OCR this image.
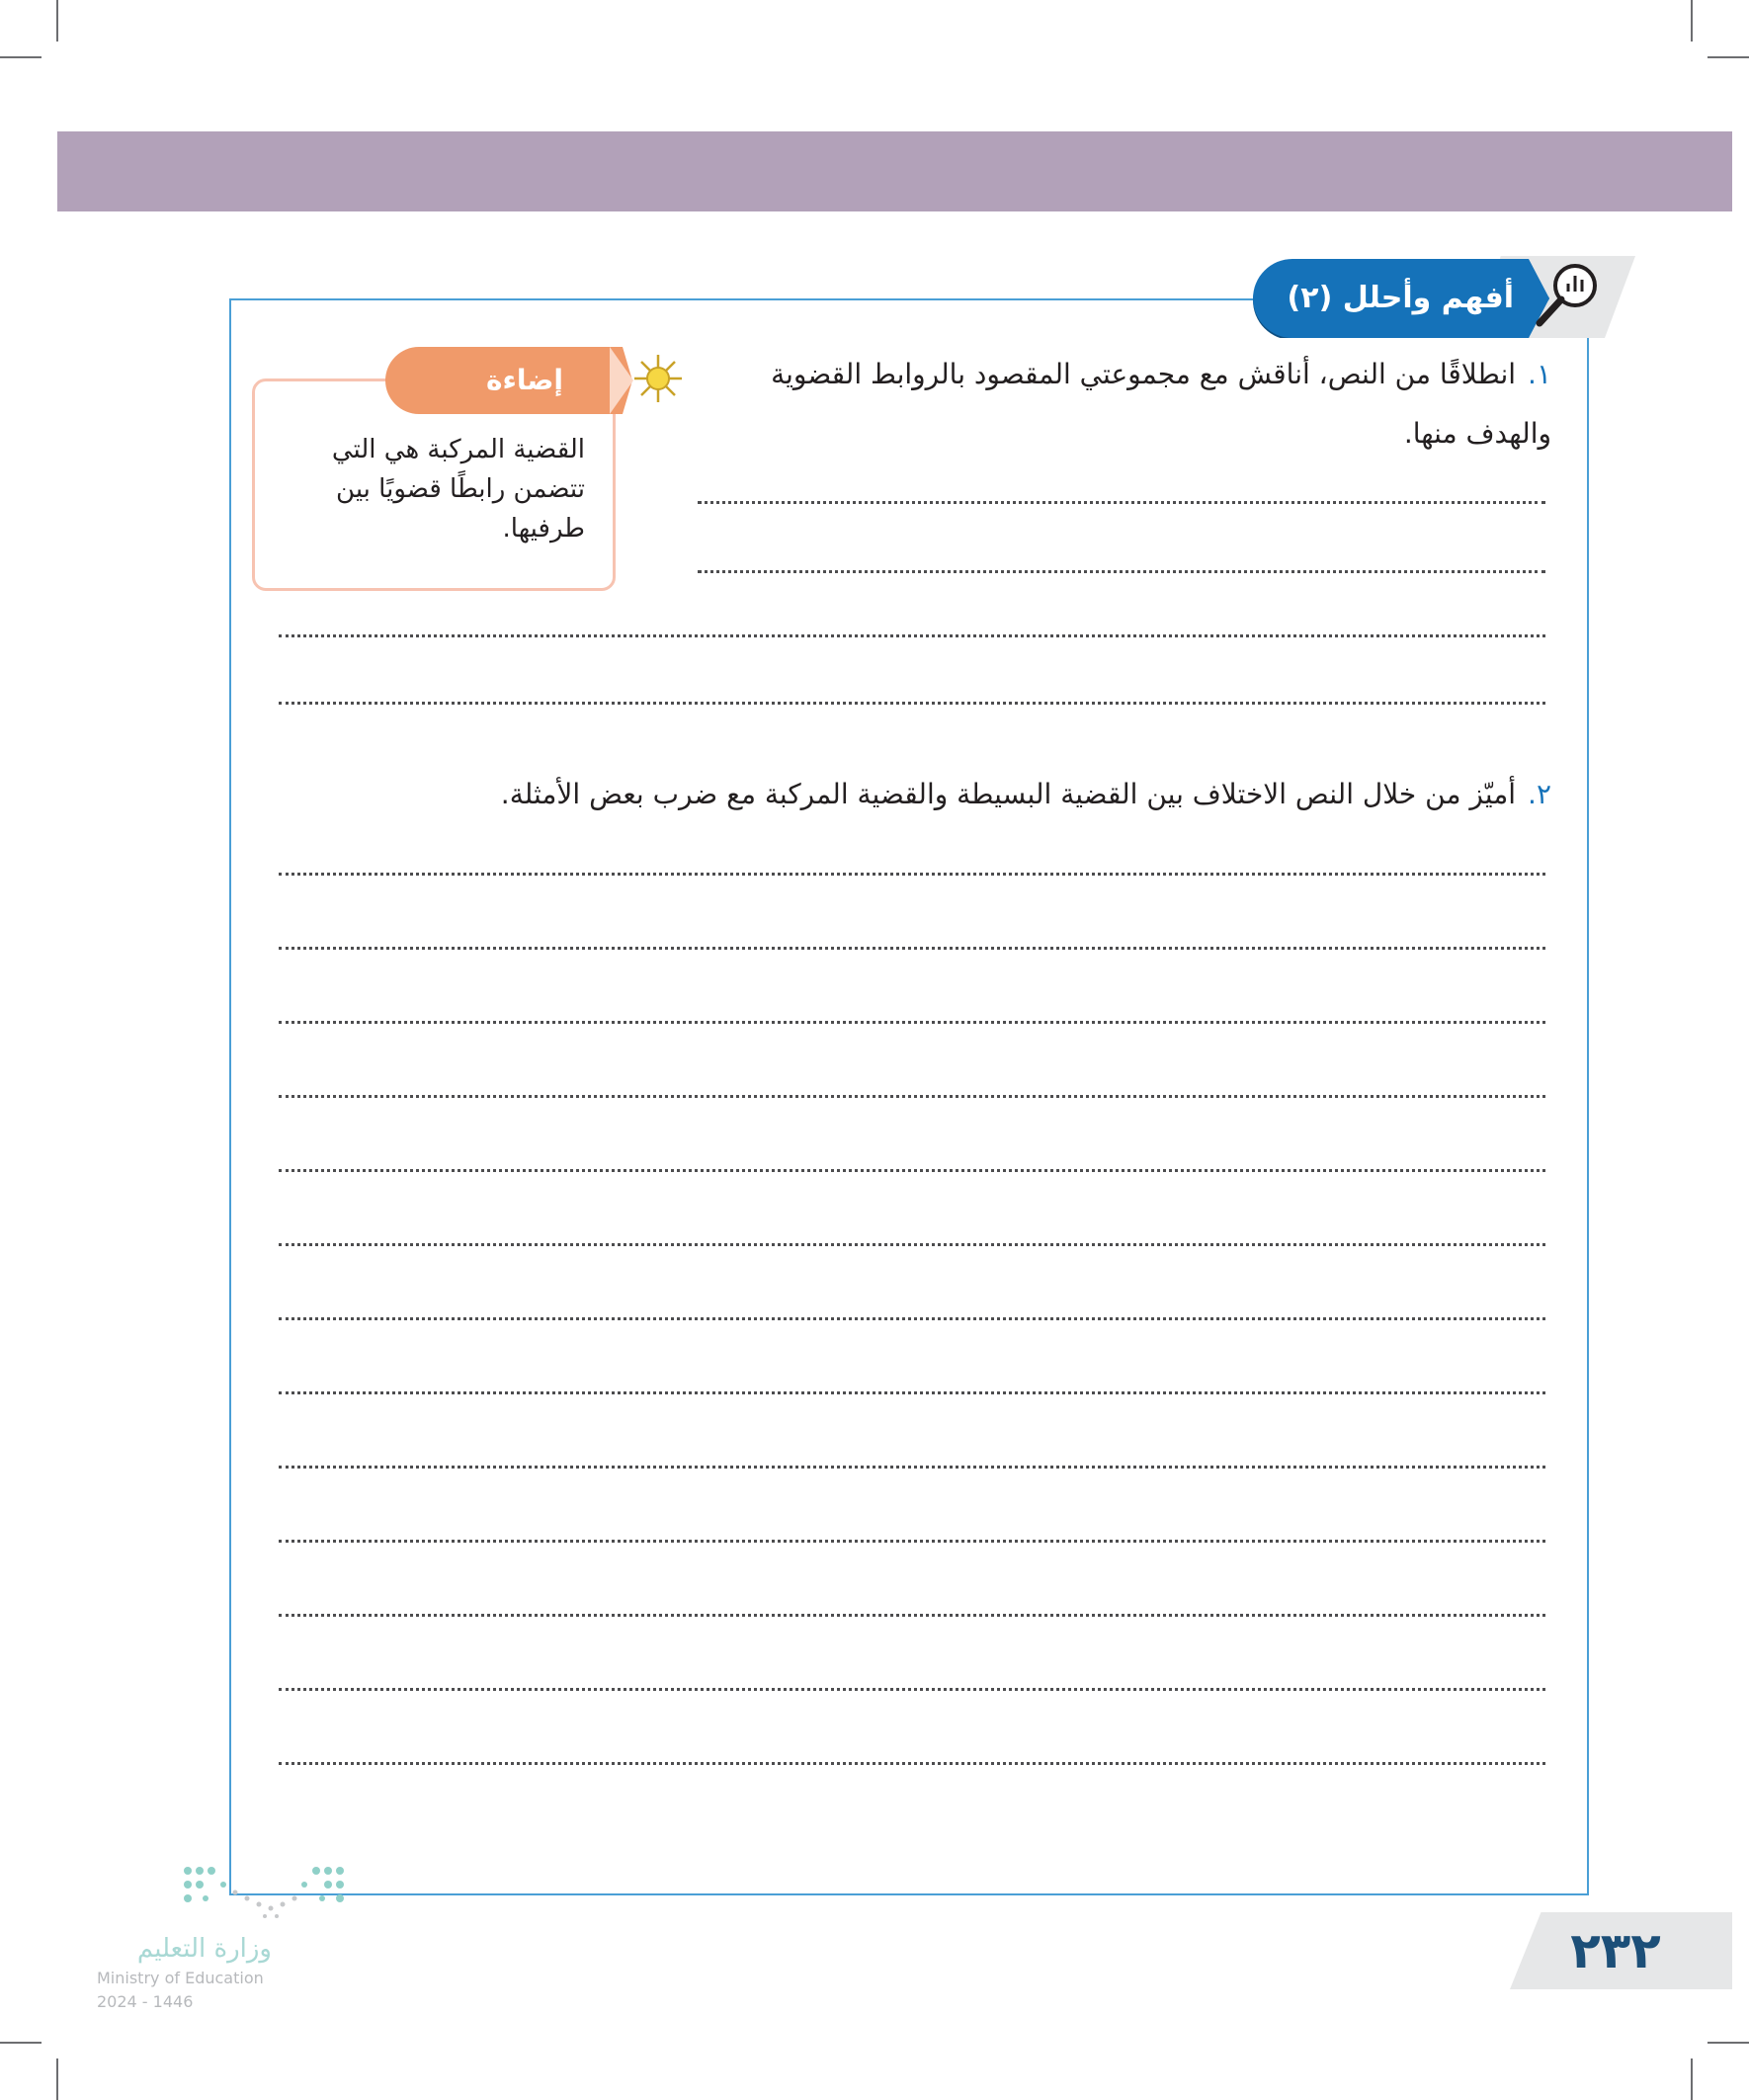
أفهم وأحلل (٢)
١.انطلاقًا من النص، أناقش مع مجموعتي المقصود بالروابط القضوية
والهدف منها.
إضاءة
القضية المركبة هي التي تتضمن رابطًا قضويًا بين طرفيها.
٢.أميّز من خلال النص الاختلاف بين القضية البسيطة والقضية المركبة مع ضرب بعض الأمثلة.
٢٣٢
وزارة التعليم
Ministry of Education
2024 - 1446
